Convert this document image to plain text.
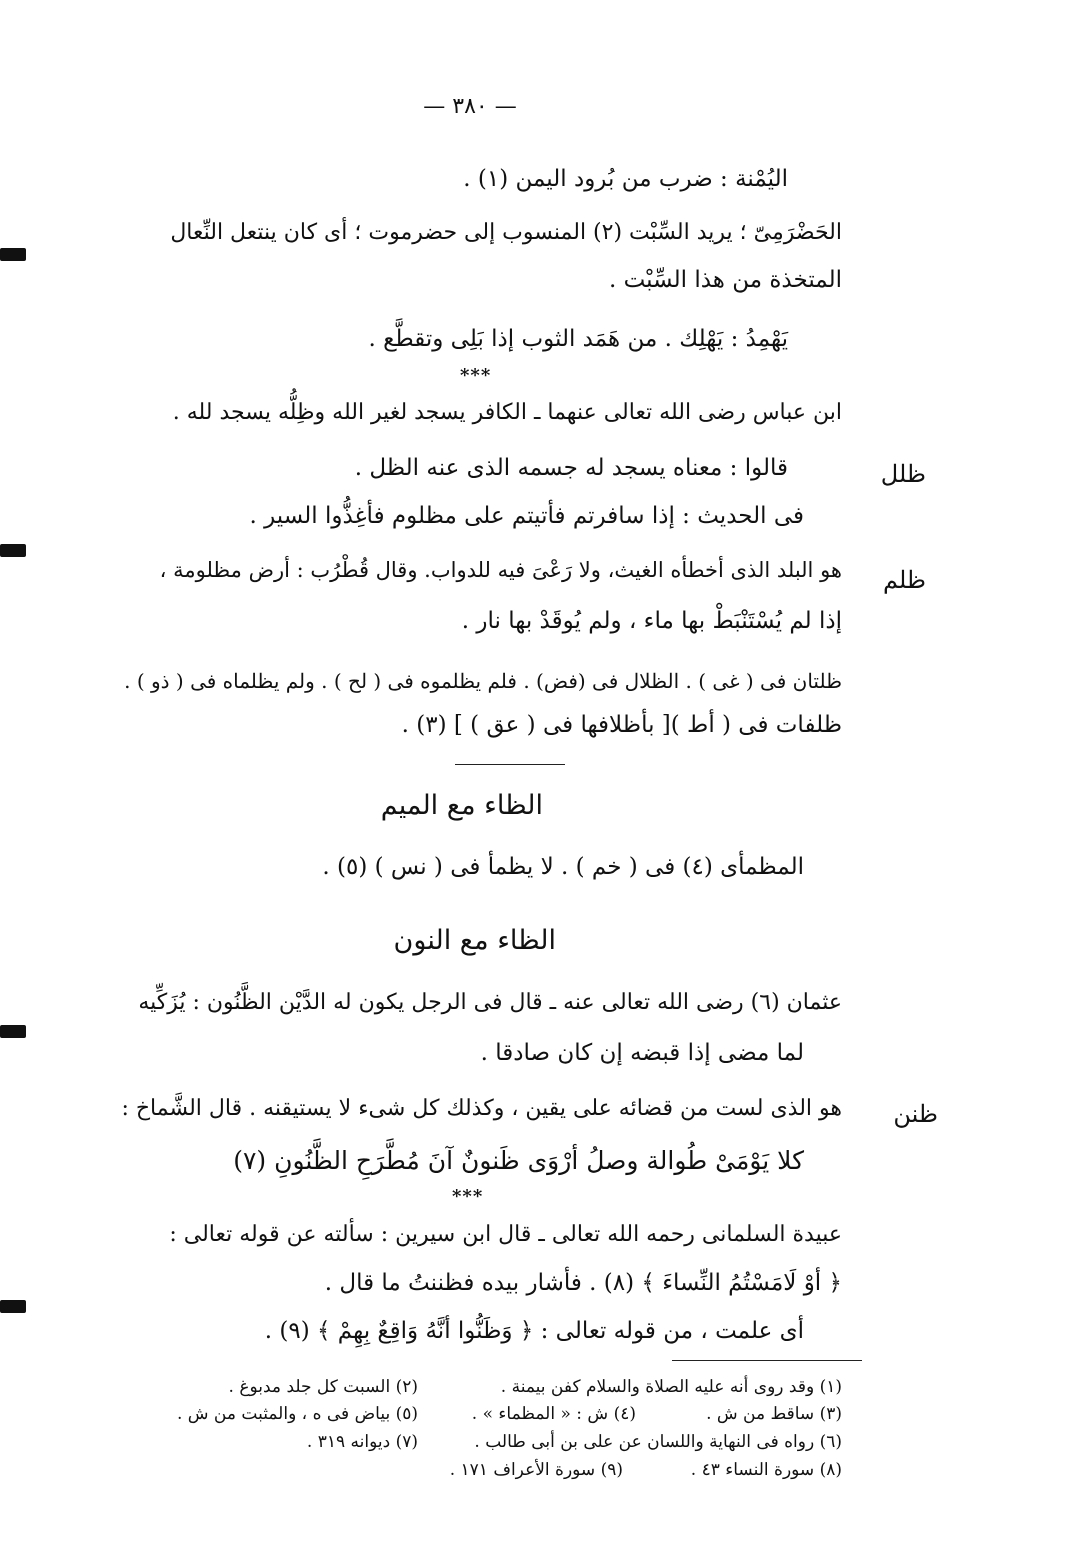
— ٣٨٠ —
اليُمْنة : ضرب من بُرود اليمن (١) .
الحَضْرَمِىّ ؛ يريد السِّبْت (٢) المنسوب إلى حضرموت ؛ أى كان ينتعل النِّعال
المتخذة من هذا السِّبْت .
يَهْمِدُ : يَهْلِك . من هَمَد الثوب إذا بَلِى وتقطَّع .
***
ابن عباس رضى الله تعالى عنهما ـ الكافر يسجد لغير الله وظِلُّه يسجد لله .
قالوا : معناه يسجد له جسمه الذى عنه الظل .
فى الحديث : إذا سافرتم فأتيتم على مظلوم فأغِذُّوا السير .
هو البلد الذى أخطأه الغيث، ولا رَعْىَ فيه للدواب. وقال قُطْرُب : أرض مظلومة ،
إذا لم يُسْتَنْبَطْ بها ماء ، ولم يُوقَدْ بها نار .
ظلتان فى ( غى ) . الظلال فى (فض) . فلم يظلموه فى ( لح ) . ولم يظلماه فى ( ذو ) .
ظلفات فى ( أط )[ بأظلافها فى ( عق ) ] (٣) .
الظاء مع الميم
المظمأى (٤) فى ( خم ) . لا يظمأ فى ( نس ) (٥) .
الظاء مع النون
عثمان (٦) رضى الله تعالى عنه ـ قال فى الرجل يكون له الدَّيْن الظَّنُون : يُزَكِّيه
لما مضى إذا قبضه إن كان صادقا .
هو الذى لست من قضائه على يقين ، وكذلك كل شىء لا يستيقنه . قال الشَّماخ :
كلا يَوْمَىْ طُوالة وصلُ أرْوَى ظَنونٌ آنَ مُطَّرَحِ الظَّنُونِ (٧)
***
عبيدة السلمانى رحمه الله تعالى ـ قال ابن سيرين : سألته عن قوله تعالى :
﴿ أوْ لَامَسْتُمُ النِّساءَ ﴾ (٨) . فأشار بيده فظننتُ ما قال .
أى علمت ، من قوله تعالى : ﴿ وَظَنُّوا أنَّهُ وَاقِعٌ بِهِمْ ﴾ (٩) .
ظلل
ظلم
ظنن
(١) وقد روى أنه عليه الصلاة والسلام كفن بيمنة .
(٢) السبت كل جلد مدبوغ .
(٣) ساقط من ش .
(٤) ش : « المظماء » .
(٥) بياض فى ه ، والمثبت من ش .
(٦) رواه فى النهاية واللسان عن على بن أبى طالب .
(٧) ديوانه ٣١٩ .
(٨) سورة النساء ٤٣ .
(٩) سورة الأعراف ١٧١ .
